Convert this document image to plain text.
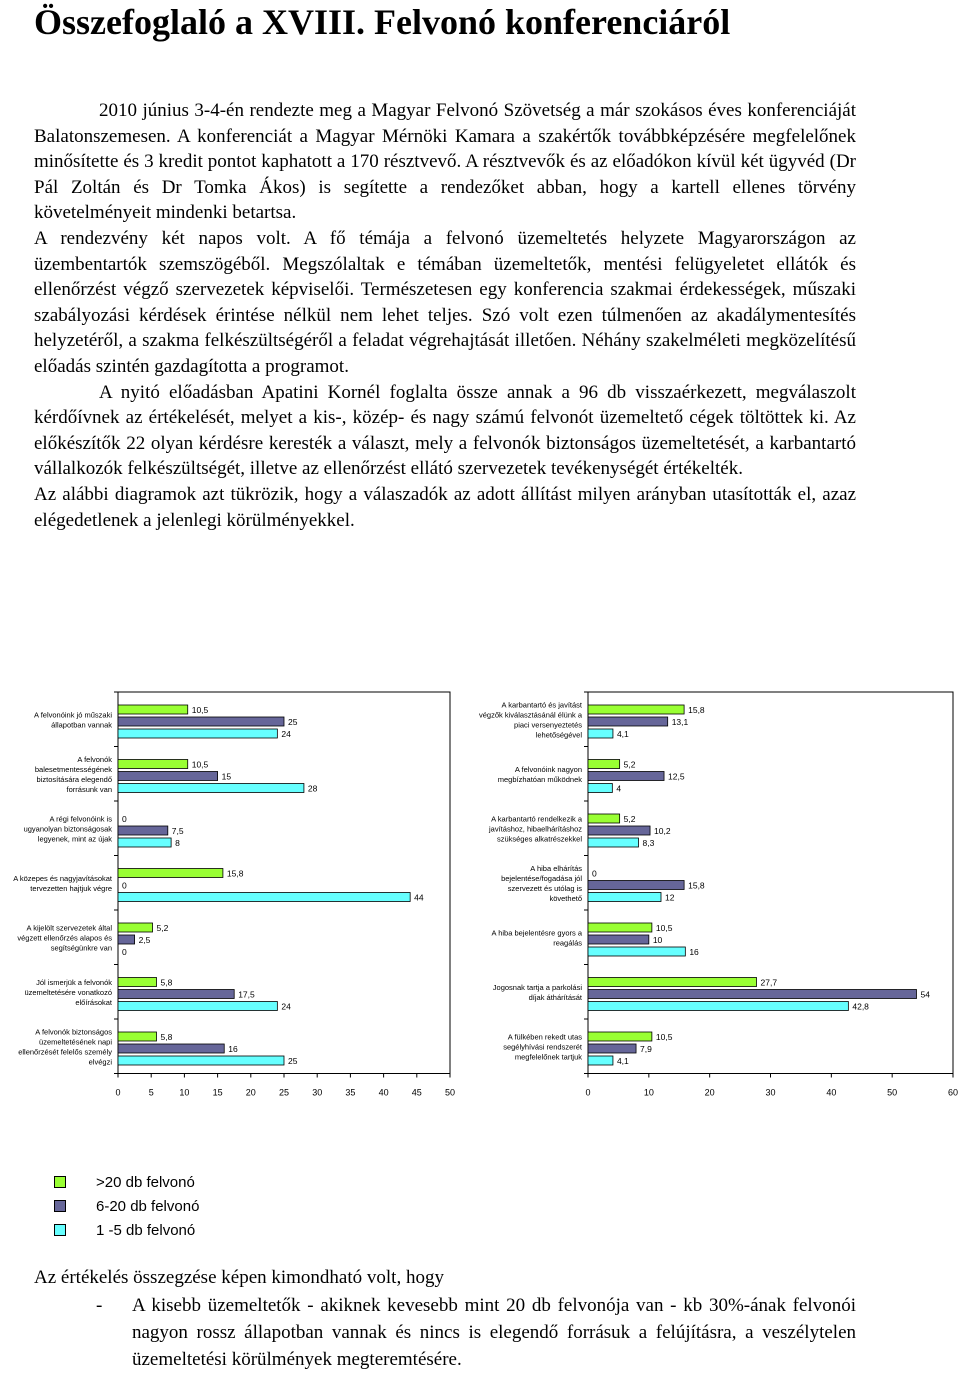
Összefoglaló a XVIII. Felvonó konferenciáról

2010 június 3-4-én rendezte meg a Magyar Felvonó Szövetség a már szokásos éves konferenciáját Balatonszemesen. A konferenciát a Magyar Mérnöki Kamara a szakértők továbbképzésére megfelelőnek minősítette és 3 kredit pontot kaphatott a 170 résztvevő. A résztvevők és az előadókon kívül két ügyvéd (Dr Pál Zoltán és Dr Tomka Ákos) is segítette a rendezőket abban, hogy a kartell ellenes törvény követelményeit mindenki betartsa.

A rendezvény két napos volt. A fő témája a felvonó üzemeltetés helyzete Magyarországon az üzembentartók szemszögéből. Megszólaltak e témában üzemeltetők, mentési felügyeletet ellátók és ellenőrzést végző szervezetek képviselői. Természetesen egy konferencia szakmai érdekességek, műszaki szabályozási kérdések érintése nélkül nem lehet teljes. Szó volt ezen túlmenően az akadálymentesítés helyzetéről, a szakma felkészültségéről a feladat végrehajtását illetően. Néhány szakelméleti megközelítésű előadás szintén gazdagította a programot.

A nyitó előadásban Apatini Kornél foglalta össze annak a 96 db visszaérkezett, megválaszolt kérdőívnek az értékelését, melyet a kis-, közép- és nagy számú felvonót üzemeltető cégek töltöttek ki. Az előkészítők 22 olyan kérdésre keresték a választ, mely a felvonók biztonságos üzemeltetését, a karbantartó vállalkozók felkészültségét, illetve az ellenőrzést ellátó szervezetek tevékenységét értékelték.

Az alábbi diagramok azt tükrözik, hogy a válaszadók az adott állítást milyen arányban utasították el, azaz elégedetlenek a jelenlegi körülményekkel.

0	5	10	15	20	25	30	35	40	45	50
A felvonóink jó műszaki állapotban vannak
10,5
25
24
A felvonók balesetmentességének biztosítására elegendő forrásunk van
10,5
15
28
A régi felvonóink is ugyanolyan biztonságosak legyenek, mint az újak
0
7,5
8
A közepes és nagyjavításokat tervezetten hajtjuk végre
15,8
0
44
A kijelölt szervezetek által végzett ellenőrzés alapos és segítségünkre van
5,2
2,5
0
Jól ismerjük a felvonók üzemeltetésére vonatkozó előírásokat
5,8
17,5
24
A felvonók biztonságos üzemeltetésének napi ellenőrzését felelős személy elvégzi
5,8
16
25
0	10	20	30	40	50	60
A karbantartó és javítást végzők kiválasztásánál élünk a piaci versenyeztetés lehetőségével
15,8
13,1
4,1
A felvonóink nagyon megbízhatóan működnek
5,2
12,5
4
A karbantartó rendelkezik a javításhoz, hibaelhárításhoz szükséges alkatrészekkel
5,2
10,2
8,3
A hiba elhárítás bejelentése/fogadása jól szervezett és utólag is követhető
0
15,8
12
A hiba bejelentésre gyors a reagálás
10,5
10
16
Jogosnak tartja a parkolási díjak áthárítását
27,7
54
42,8
A fülkében rekedt utas segélyhívási rendszerét megfelelőnek tartjuk
10,5
7,9
4,1
>20 db felvonó
6-20 db felvonó
1 -5 db felvonó
Az értékelés összegzése képen kimondható volt, hogy
- A kisebb üzemeltetők - akiknek kevesebb mint 20 db felvonója van - kb 30%-ának felvonói nagyon rossz állapotban vannak és nincs is elegendő forrásuk a felújításra, a veszélytelen üzemeltetési körülmények megteremtésére.
